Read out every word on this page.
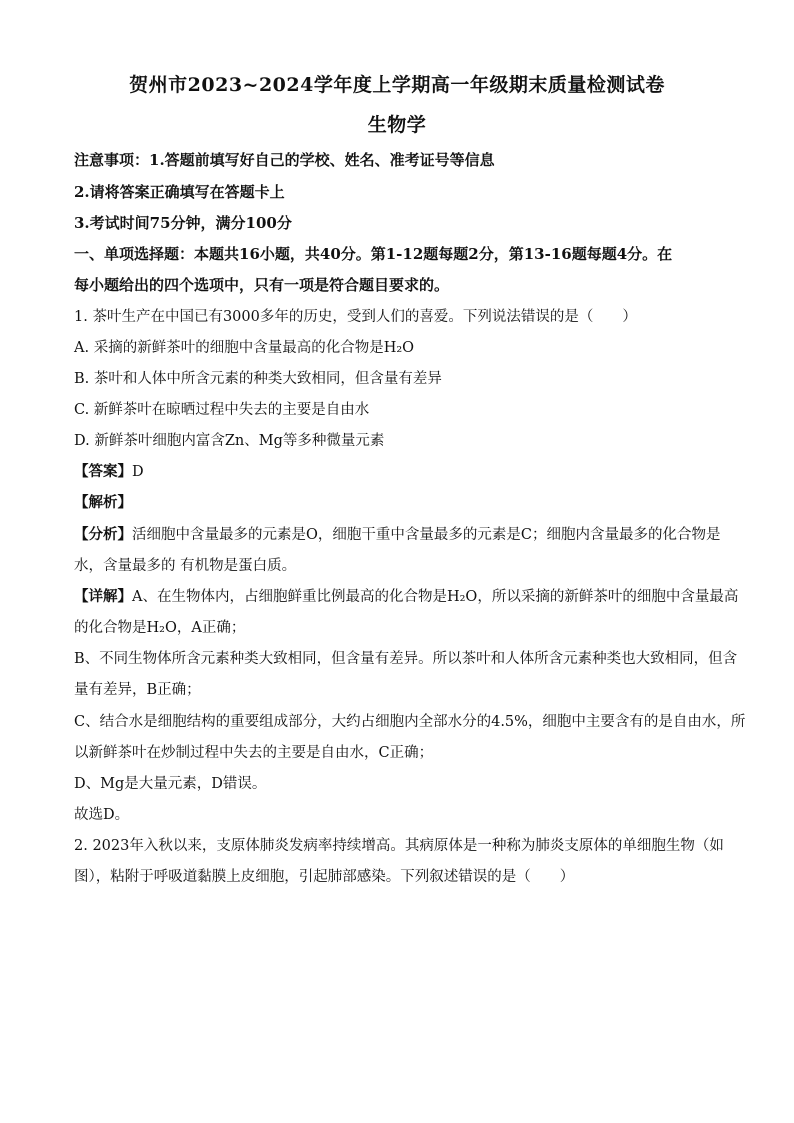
贺州市2023~2024学年度上学期高一年级期末质量检测试卷
生物学
注意事项：1.答题前填写好自己的学校、姓名、准考证号等信息
2.请将答案正确填写在答题卡上
3.考试时间75分钟，满分100分
一、单项选择题：本题共16小题，共40分。第1-12题每题2分，第13-16题每题4分。在
每小题给出的四个选项中，只有一项是符合题目要求的。
1. 茶叶生产在中国已有3000多年的历史，受到人们的喜爱。下列说法错误的是（　　）
A. 采摘的新鲜茶叶的细胞中含量最高的化合物是H₂O
B. 茶叶和人体中所含元素的种类大致相同，但含量有差异
C. 新鲜茶叶在晾晒过程中失去的主要是自由水
D. 新鲜茶叶细胞内富含Zn、Mg等多种微量元素
【答案】D
【解析】
【分析】活细胞中含量最多的元素是O，细胞干重中含量最多的元素是C；细胞内含量最多的化合物是
水，含量最多的 有机物是蛋白质。
【详解】A、在生物体内，占细胞鲜重比例最高的化合物是H₂O，所以采摘的新鲜茶叶的细胞中含量最高
的化合物是H₂O，A正确；
B、不同生物体所含元素种类大致相同，但含量有差异。所以茶叶和人体所含元素种类也大致相同，但含
量有差异，B正确；
C、结合水是细胞结构的重要组成部分，大约占细胞内全部水分的4.5%，细胞中主要含有的是自由水，所
以新鲜茶叶在炒制过程中失去的主要是自由水，C正确；
D、Mg是大量元素，D错误。
故选D。
2. 2023年入秋以来，支原体肺炎发病率持续增高。其病原体是一种称为肺炎支原体的单细胞生物（如
图），粘附于呼吸道黏膜上皮细胞，引起肺部感染。下列叙述错误的是（　　）
